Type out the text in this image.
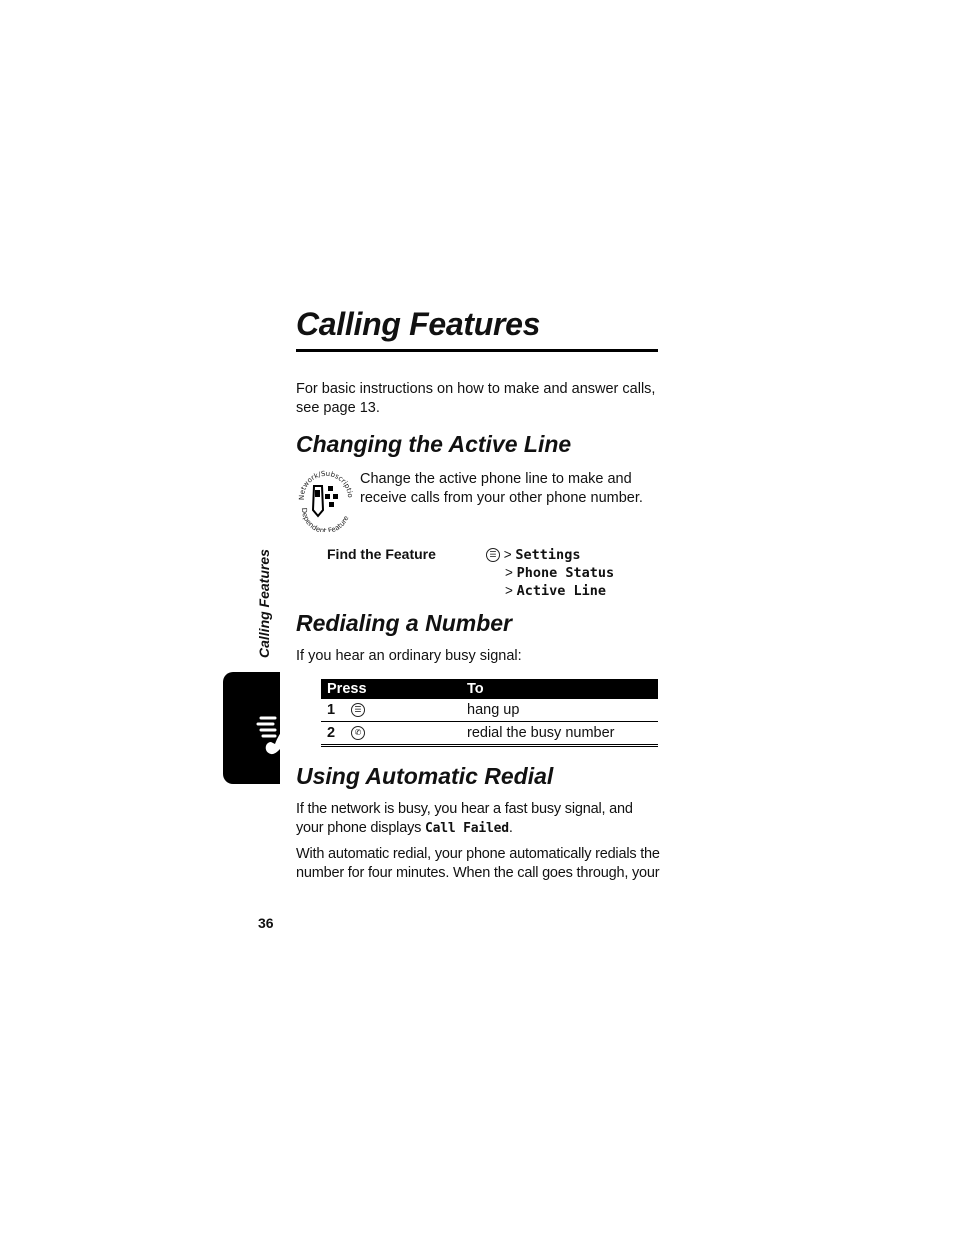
Calling Features
For basic instructions on how to make and answer calls, see page 13.
Changing the Active Line
Network/Subscriptio
Dependent Feature
Change the active phone line to make and receive calls from your other phone number.
Find the Feature	☰ > Settings
> Phone Status
> Active Line
Redialing a Number
If you hear an ordinary busy signal:
Press	To
1 ☰	hang up
2 ✆	redial the busy number
Using Automatic Redial
If the network is busy, you hear a fast busy signal, and your phone displays Call Failed.
With automatic redial, your phone automatically redials the number for four minutes. When the call goes through, your
Calling Features
36
